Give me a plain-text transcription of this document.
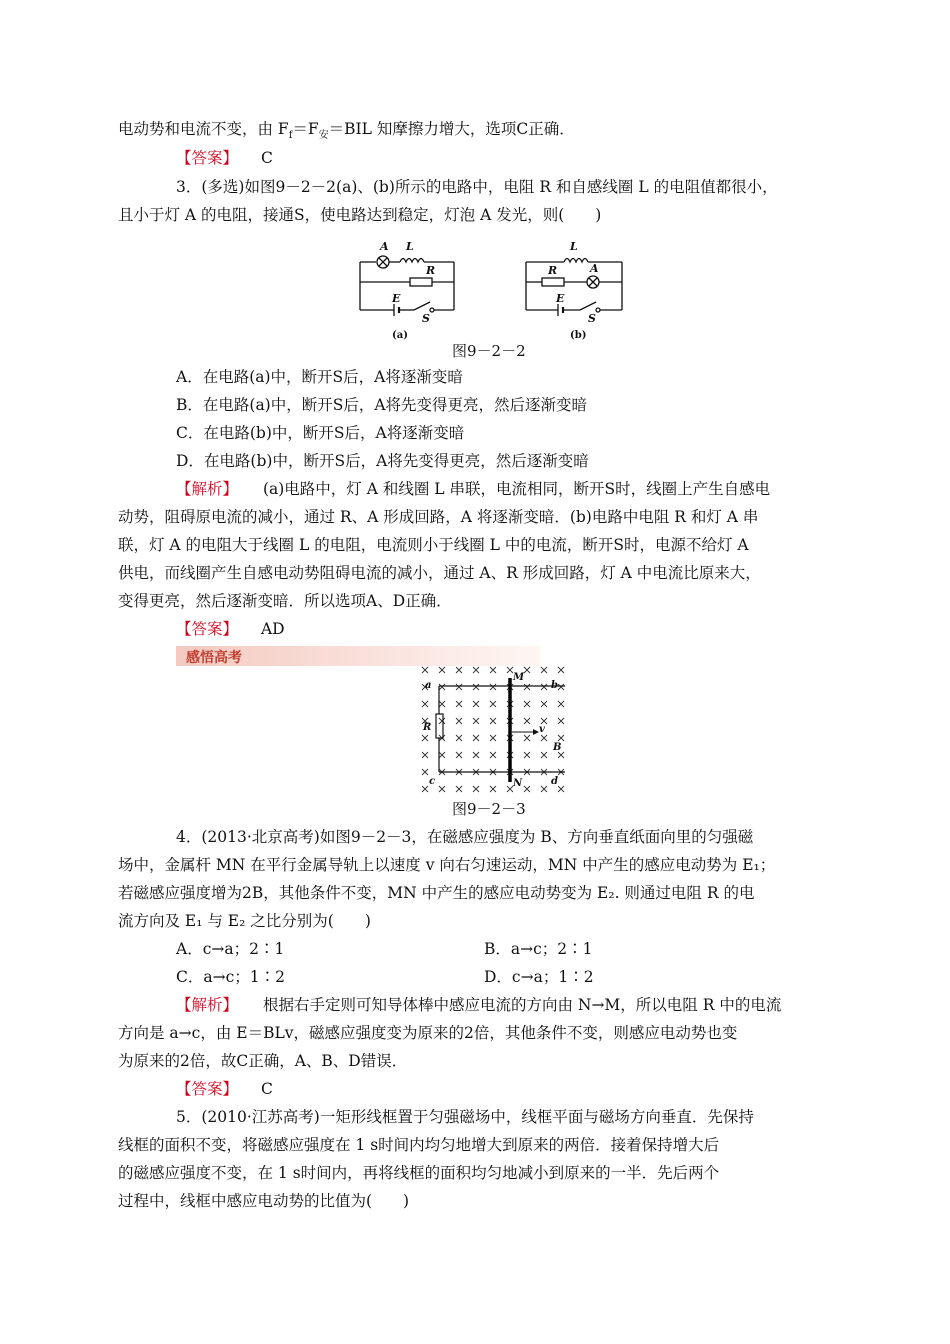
电动势和电流不变，由 $F_f=F_安=BIL$ 知摩擦力增大，选项C正确．
【答案】 C
3．(多选)如图9－2－2(a)、(b)所示的电路中，电阻 R 和自感线圈 L 的电阻值都很小，
且小于灯 A 的电阻，接通S，使电路达到稳定，灯泡 A 发光，则(　　)
A L
R
E
S
L
R	A
E
S
(a)	(b)
图9－2－2
A．在电路(a)中，断开S后，A将逐渐变暗
B．在电路(a)中，断开S后，A将先变得更亮，然后逐渐变暗
C．在电路(b)中，断开S后，A将逐渐变暗
D．在电路(b)中，断开S后，A将先变得更亮，然后逐渐变暗
【解析】 (a)电路中，灯 A 和线圈 L 串联，电流相同，断开S时，线圈上产生自感电
动势，阻碍原电流的减小，通过 R、A 形成回路，A 将逐渐变暗．(b)电路中电阻 R 和灯 A 串
联，灯 A 的电阻大于线圈 L 的电阻，电流则小于线圈 L 中的电流，断开S时，电源不给灯 A
供电，而线圈产生自感电动势阻碍电流的减小，通过 A、R 形成回路，灯 A 中电流比原来大，
变得更亮，然后逐渐变暗．所以选项A、D正确．
【答案】 AD
感悟高考
a	b
c	d
M
N
R	v
B
图9－2－3
4．(2013·北京高考)如图9－2－3，在磁感应强度为 B、方向垂直纸面向里的匀强磁
场中，金属杆 MN 在平行金属导轨上以速度 v 向右匀速运动，MN 中产生的感应电动势为 E₁；
若磁感应强度增为2B，其他条件不变，MN 中产生的感应电动势变为 E₂. 则通过电阻 R 的电
流方向及 E₁ 与 E₂ 之比分别为(　　)
A．c→a；2∶1	B．a→c；2∶1
C．a→c；1∶2	D．c→a；1∶2
【解析】 根据右手定则可知导体棒中感应电流的方向由 N→M，所以电阻 R 中的电流
方向是 a→c，由 E＝BLv，磁感应强度变为原来的2倍，其他条件不变，则感应电动势也变
为原来的2倍，故C正确，A、B、D错误．
【答案】 C
5．(2010·江苏高考)一矩形线框置于匀强磁场中，线框平面与磁场方向垂直．先保持
线框的面积不变，将磁感应强度在 1 s时间内均匀地增大到原来的两倍．接着保持增大后
的磁感应强度不变，在 1 s时间内，再将线框的面积均匀地减小到原来的一半．先后两个
过程中，线框中感应电动势的比值为(　　)
